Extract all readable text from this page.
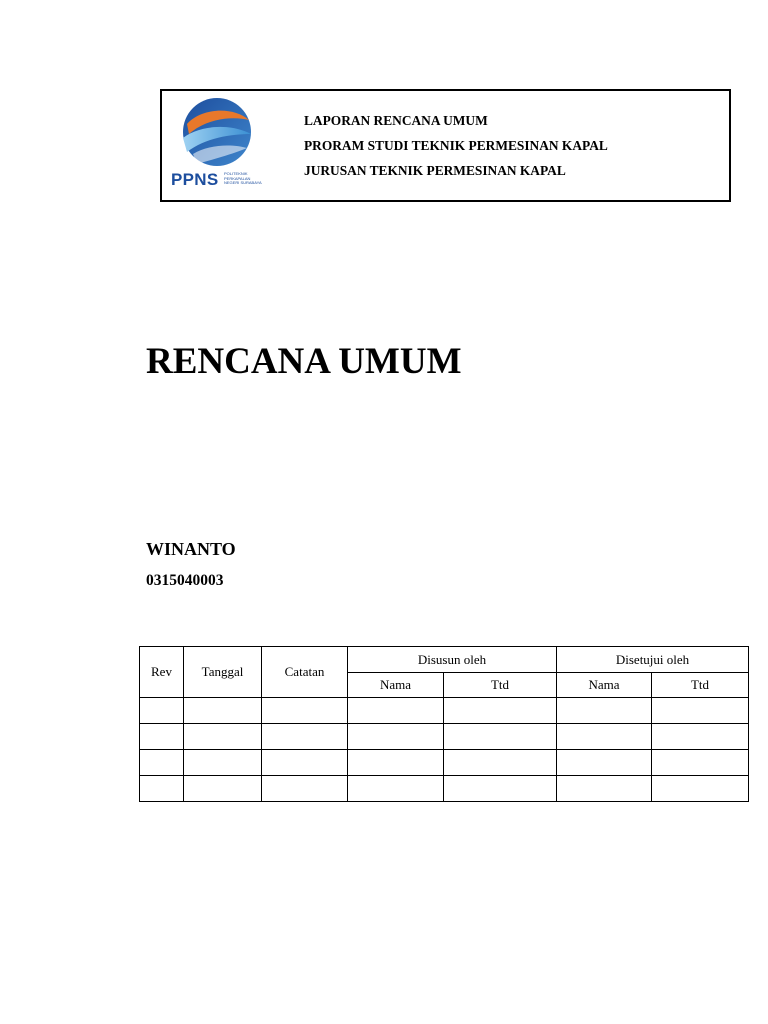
PPNS POLITEKNIK
PERKAPALAN
NEGERI SURABAYA
LAPORAN RENCANA UMUM
PRORAM STUDI TEKNIK PERMESINAN KAPAL
JURUSAN TEKNIK PERMESINAN KAPAL
RENCANA UMUM
WINANTO
0315040003
Rev	Tanggal	Catatan	Disusun oleh		Disetujui oleh	
			Nama	Ttd	Nama	Ttd
